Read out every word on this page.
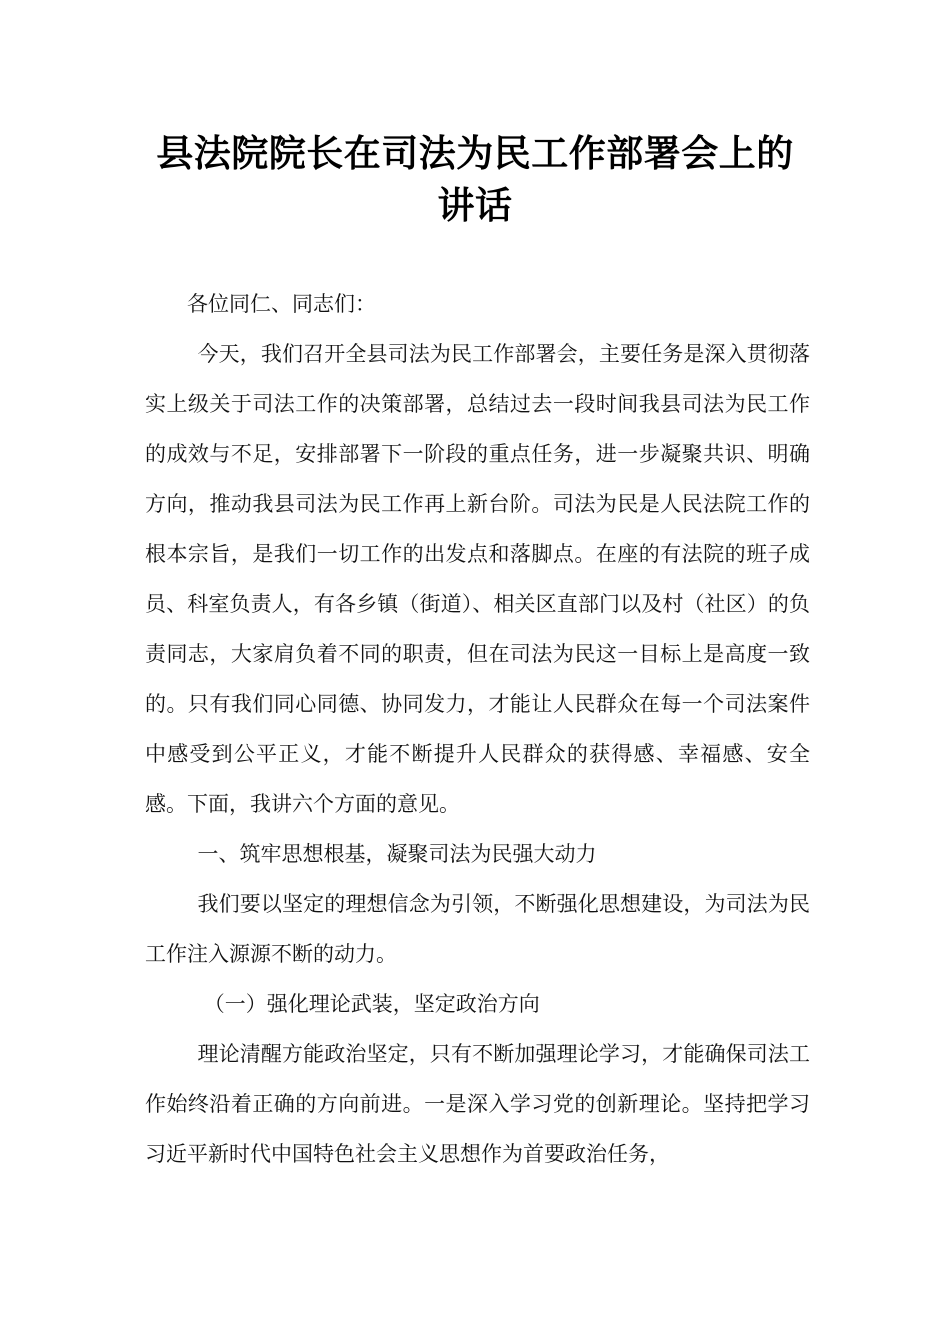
县法院院长在司法为民工作部署会上的讲话

各位同仁、同志们：

今天，我们召开全县司法为民工作部署会，主要任务是深入贯彻落实上级关于司法工作的决策部署，总结过去一段时间我县司法为民工作的成效与不足，安排部署下一阶段的重点任务，进一步凝聚共识、明确方向，推动我县司法为民工作再上新台阶。司法为民是人民法院工作的根本宗旨，是我们一切工作的出发点和落脚点。在座的有法院的班子成员、科室负责人，有各乡镇（街道）、相关区直部门以及村（社区）的负责同志，大家肩负着不同的职责，但在司法为民这一目标上是高度一致的。只有我们同心同德、协同发力，才能让人民群众在每一个司法案件中感受到公平正义，才能不断提升人民群众的获得感、幸福感、安全感。下面，我讲六个方面的意见。

一、筑牢思想根基，凝聚司法为民强大动力

我们要以坚定的理想信念为引领，不断强化思想建设，为司法为民工作注入源源不断的动力。

（一）强化理论武装，坚定政治方向

理论清醒方能政治坚定，只有不断加强理论学习，才能确保司法工作始终沿着正确的方向前进。一是深入学习党的创新理论。坚持把学习习近平新时代中国特色社会主义思想作为首要政治任务，
